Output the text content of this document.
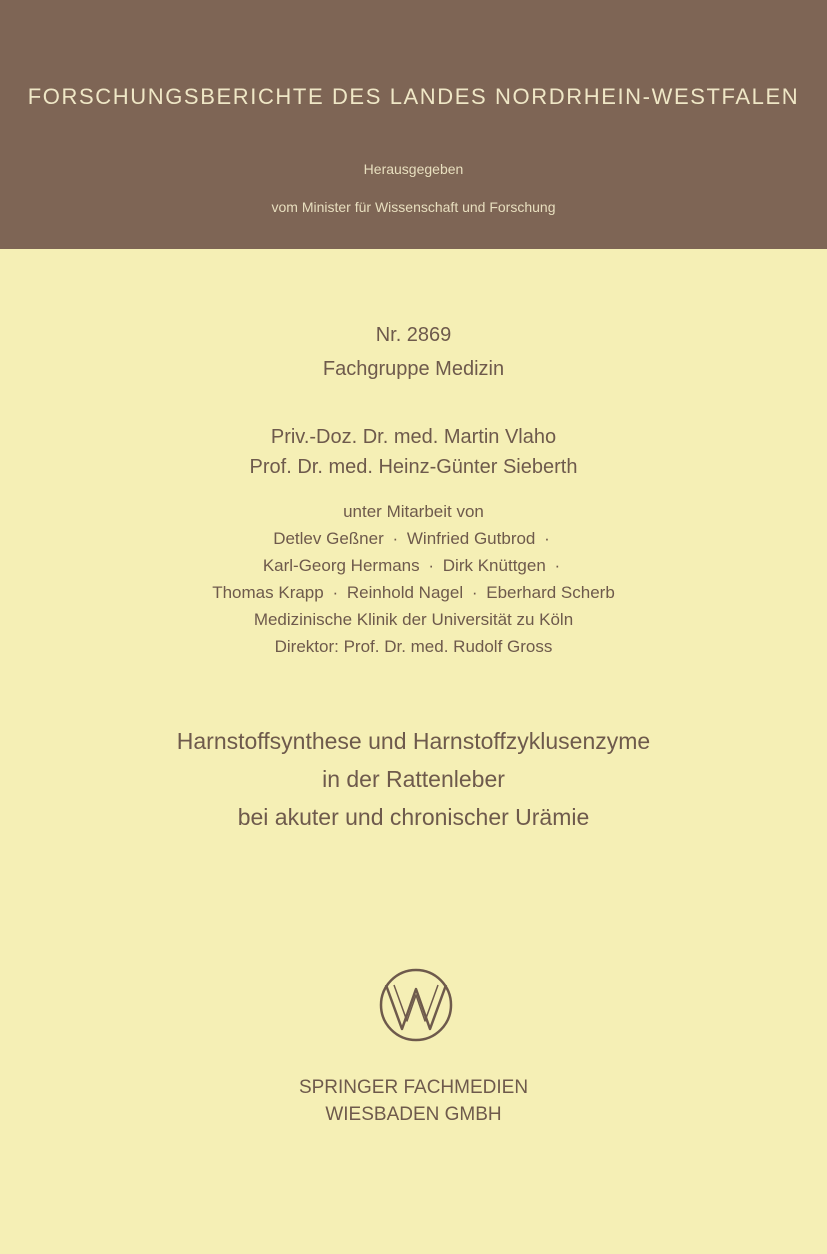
FORSCHUNGSBERICHTE DES LANDES NORDRHEIN-WESTFALEN
Herausgegeben
vom Minister für Wissenschaft und Forschung
Nr. 2869
Fachgruppe Medizin
Priv.-Doz. Dr. med. Martin Vlaho
Prof. Dr. med. Heinz-Günter Sieberth
unter Mitarbeit von
Detlev Geßner · Winfried Gutbrod ·
Karl-Georg Hermans · Dirk Knüttgen ·
Thomas Krapp · Reinhold Nagel · Eberhard Scherb
Medizinische Klinik der Universität zu Köln
Direktor: Prof. Dr. med. Rudolf Gross
Harnstoffsynthese und Harnstoffzyklusenzyme
in der Rattenleber
bei akuter und chronischer Urämie
SPRINGER FACHMEDIEN
WIESBADEN GMBH
